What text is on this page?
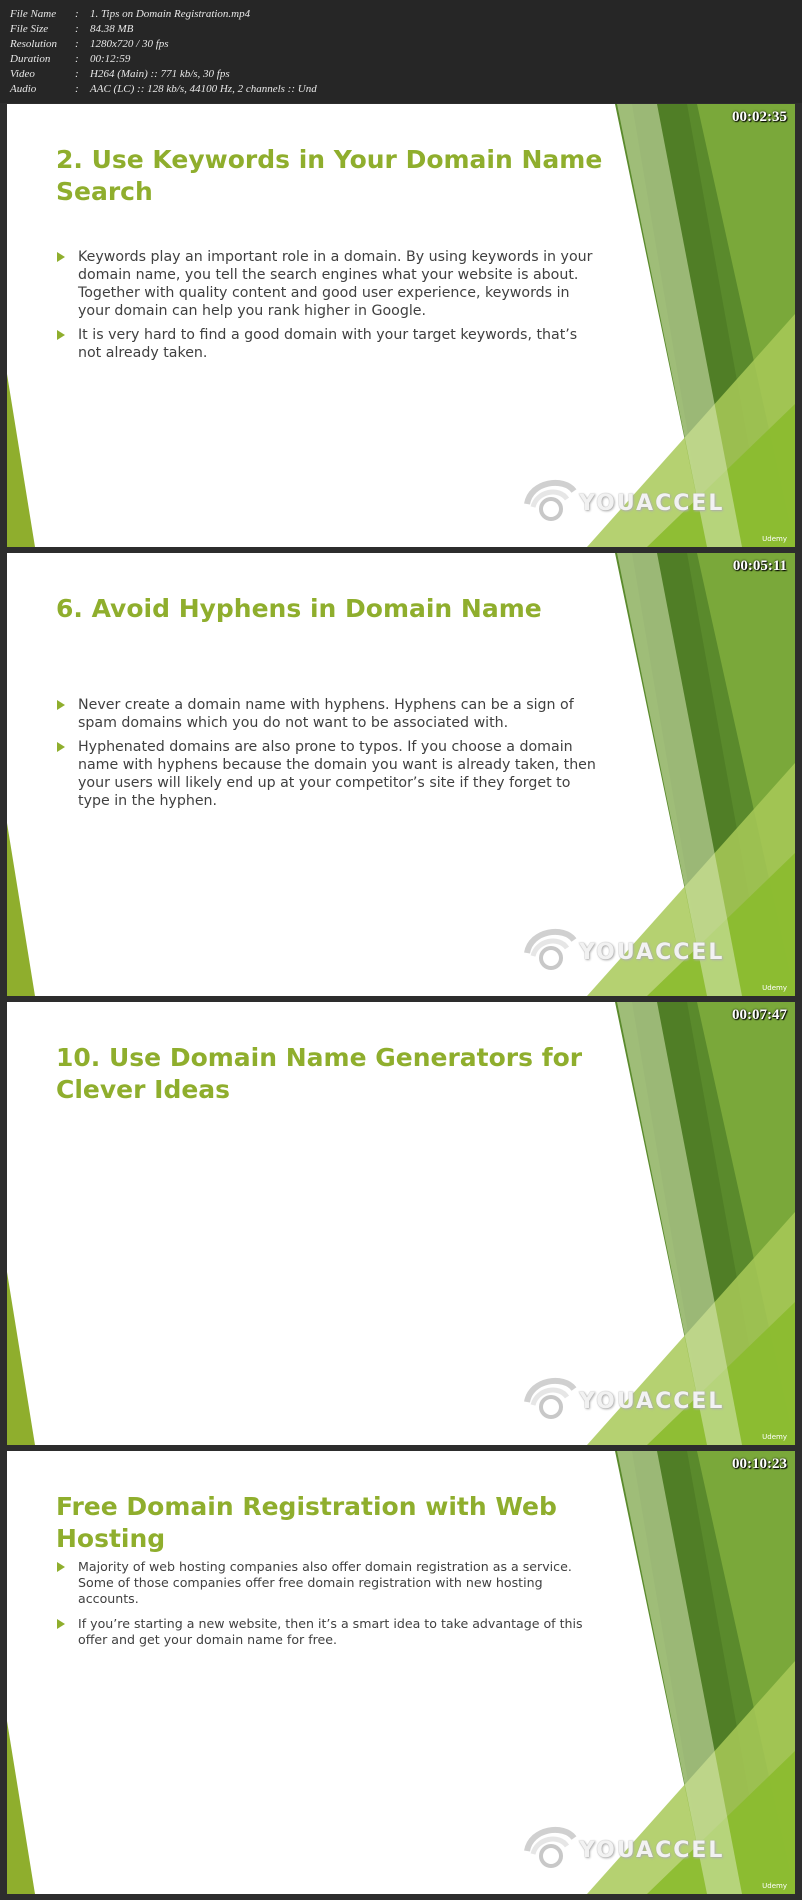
File Name : 1. Tips on Domain Registration.mp4
File Size : 84.38 MB
Resolution : 1280x720 / 30 fps
Duration : 00:12:59
Video	: H264 (Main) :: 771 kb/s, 30 fps
Audio	: AAC (LC) :: 128 kb/s, 44100 Hz, 2 channels :: Und
00:02:35
2. Use Keywords in Your Domain Name Search
Keywords play an important role in a domain. By using keywords in your domain name, you tell the search engines what your website is about. Together with quality content and good user experience, keywords in your domain can help you rank higher in Google.
It is very hard to find a good domain with your target keywords, that’s not already taken.
YOUACCEL
Udemy
00:05:11
6. Avoid Hyphens in Domain Name
Never create a domain name with hyphens. Hyphens can be a sign of spam domains which you do not want to be associated with.
Hyphenated domains are also prone to typos. If you choose a domain name with hyphens because the domain you want is already taken, then your users will likely end up at your competitor’s site if they forget to type in the hyphen.
YOUACCEL
Udemy
00:07:47
10. Use Domain Name Generators for Clever Ideas
YOUACCEL
Udemy
00:10:23
Free Domain Registration with Web Hosting
Majority of web hosting companies also offer domain registration as a service. Some of those companies offer free domain registration with new hosting accounts.
If you’re starting a new website, then it’s a smart idea to take advantage of this offer and get your domain name for free.
YOUACCEL
Udemy
